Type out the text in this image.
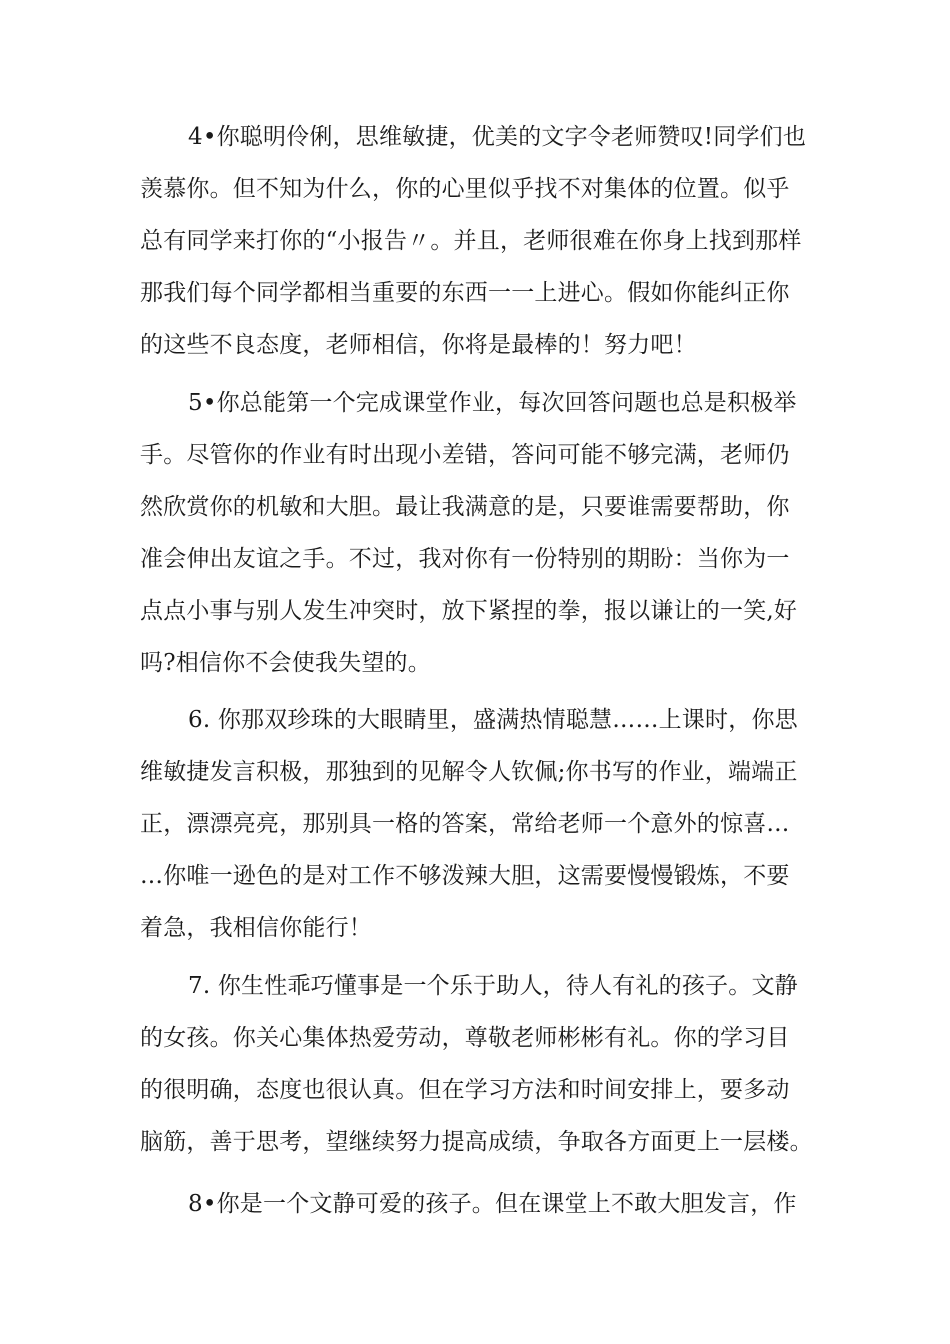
4•你聪明伶俐，思维敏捷，优美的文字令老师赞叹!同学们也
羡慕你。但不知为什么，你的心里似乎找不对集体的位置。似乎
总有同学来打你的“小报告〃。并且，老师很难在你身上找到那样
那我们每个同学都相当重要的东西一一上进心。假如你能纠正你
的这些不良态度，老师相信，你将是最棒的！努力吧！

5•你总能第一个完成课堂作业，每次回答问题也总是积极举
手。尽管你的作业有时出现小差错，答问可能不够完满，老师仍
然欣赏你的机敏和大胆。最让我满意的是，只要谁需要帮助，你
准会伸出友谊之手。不过，我对你有一份特别的期盼：当你为一
点点小事与别人发生冲突时，放下紧捏的拳，报以谦让的一笑,好
吗?相信你不会使我失望的。

6. 你那双珍珠的大眼睛里，盛满热情聪慧……上课时，你思
维敏捷发言积极，那独到的见解令人钦佩;你书写的作业，端端正
正，漂漂亮亮，那别具一格的答案，常给老师一个意外的惊喜…
…你唯一逊色的是对工作不够泼辣大胆，这需要慢慢锻炼，不要
着急，我相信你能行！

7. 你生性乖巧懂事是一个乐于助人，待人有礼的孩子。文静
的女孩。你关心集体热爱劳动，尊敬老师彬彬有礼。你的学习目
的很明确，态度也很认真。但在学习方法和时间安排上，要多动
脑筋，善于思考，望继续努力提高成绩，争取各方面更上一层楼。

8•你是一个文静可爱的孩子。但在课堂上不敢大胆发言，作
